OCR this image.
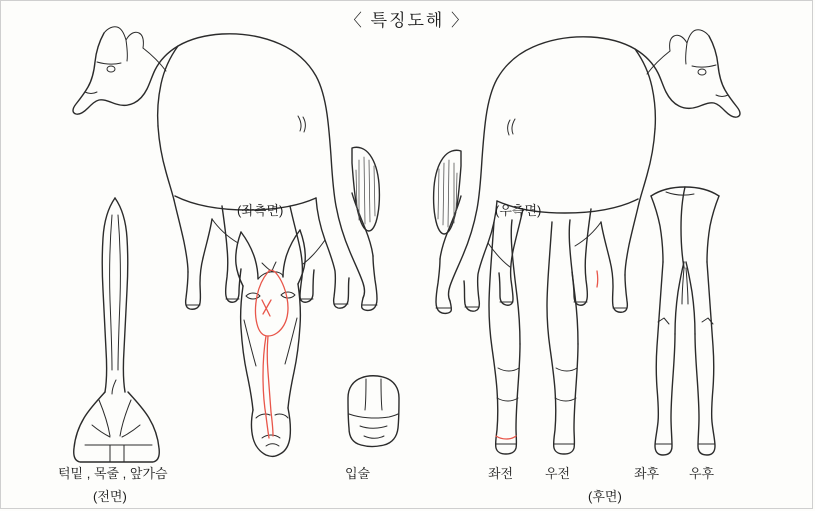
〈 특징도해 〉
(좌측면)	(우측면)
턱밑 , 목줄 , 앞가슴
(전면)
입술	좌전 우전	좌후 우후
(후면)
